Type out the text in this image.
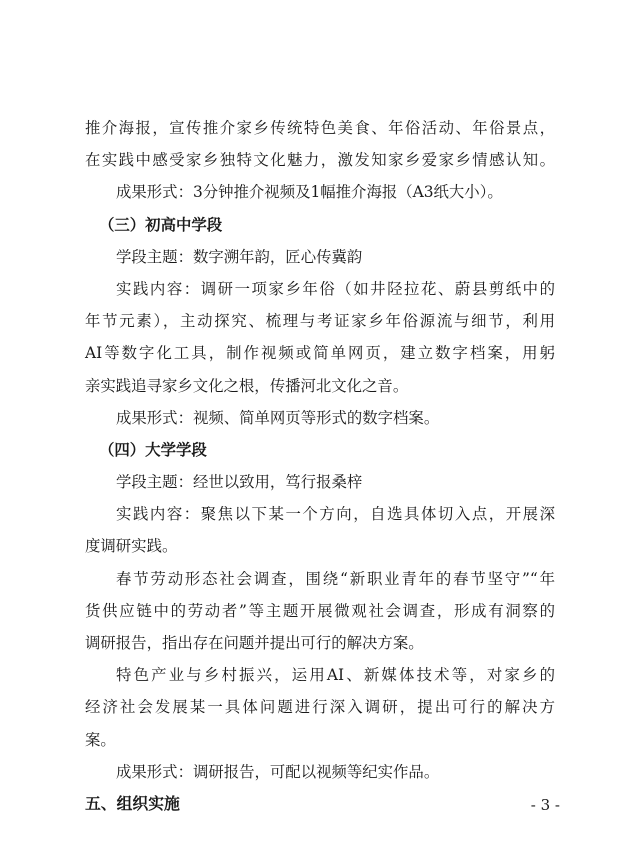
推介海报，宣传推介家乡传统特色美食、年俗活动、年俗景点，
在实践中感受家乡独特文化魅力，激发知家乡爱家乡情感认知。
成果形式：3分钟推介视频及1幅推介海报（A3纸大小）。
（三）初高中学段
学段主题：数字溯年韵，匠心传冀韵
实践内容：调研一项家乡年俗（如井陉拉花、蔚县剪纸中的
年节元素），主动探究、梳理与考证家乡年俗源流与细节，利用
AI等数字化工具，制作视频或简单网页，建立数字档案，用躬
亲实践追寻家乡文化之根，传播河北文化之音。
成果形式：视频、简单网页等形式的数字档案。
（四）大学学段
学段主题：经世以致用，笃行报桑梓
实践内容：聚焦以下某一个方向，自选具体切入点，开展深
度调研实践。
春节劳动形态社会调查，围绕“新职业青年的春节坚守”“年
货供应链中的劳动者”等主题开展微观社会调查，形成有洞察的
调研报告，指出存在问题并提出可行的解决方案。
特色产业与乡村振兴，运用AI、新媒体技术等，对家乡的
经济社会发展某一具体问题进行深入调研，提出可行的解决方
案。
成果形式：调研报告，可配以视频等纪实作品。
五、组织实施	- 3 -
